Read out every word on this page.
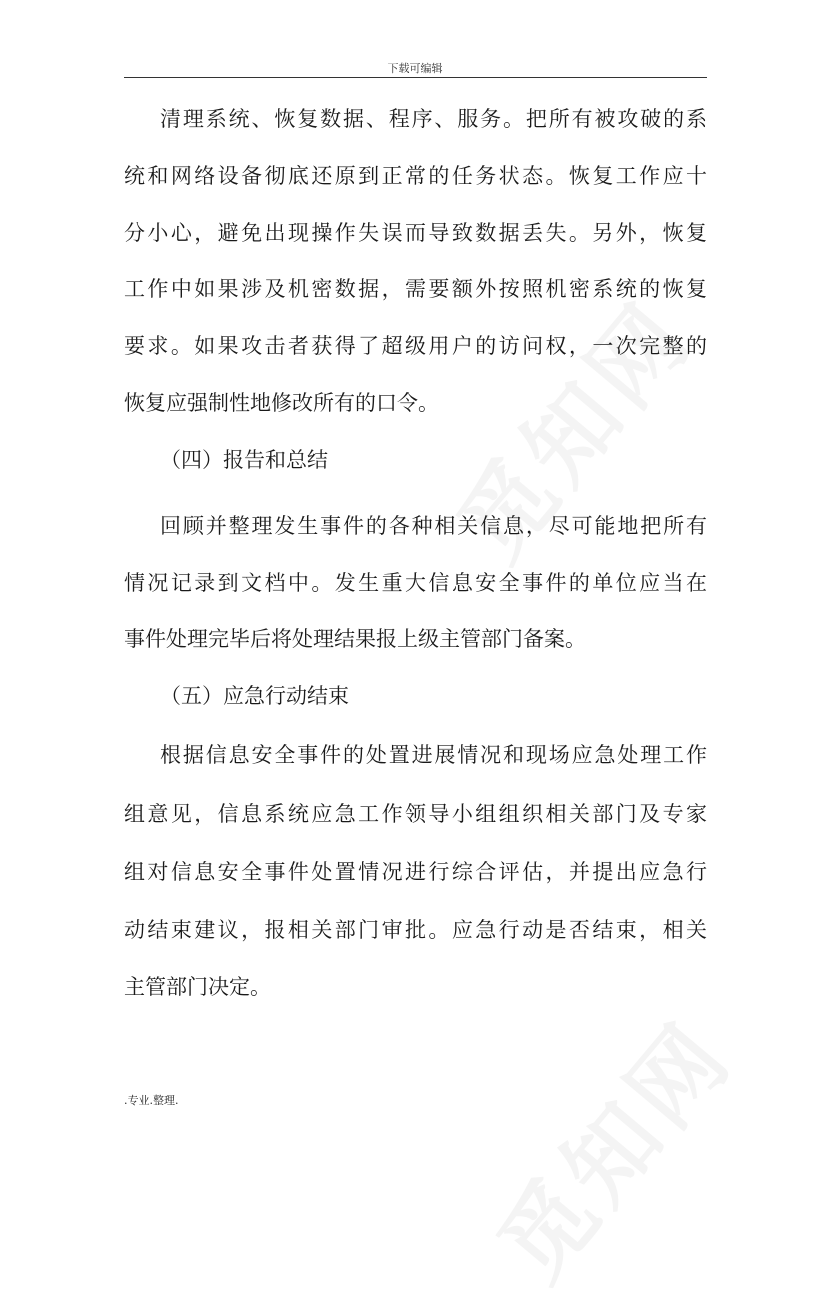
下载可编辑

清理系统、恢复数据、程序、服务。把所有被攻破的系

统和网络设备彻底还原到正常的任务状态。恢复工作应十

分小心，避免出现操作失误而导致数据丢失。另外，恢复

工作中如果涉及机密数据，需要额外按照机密系统的恢复

要求。如果攻击者获得了超级用户的访问权，一次完整的

恢复应强制性地修改所有的口令。

（四）报告和总结

回顾并整理发生事件的各种相关信息，尽可能地把所有

情况记录到文档中。发生重大信息安全事件的单位应当在

事件处理完毕后将处理结果报上级主管部门备案。

（五）应急行动结束

根据信息安全事件的处置进展情况和现场应急处理工作

组意见，信息系统应急工作领导小组组织相关部门及专家

组对信息安全事件处置情况进行综合评估，并提出应急行

动结束建议，报相关部门审批。应急行动是否结束，相关

主管部门决定。

.专业.整理.
